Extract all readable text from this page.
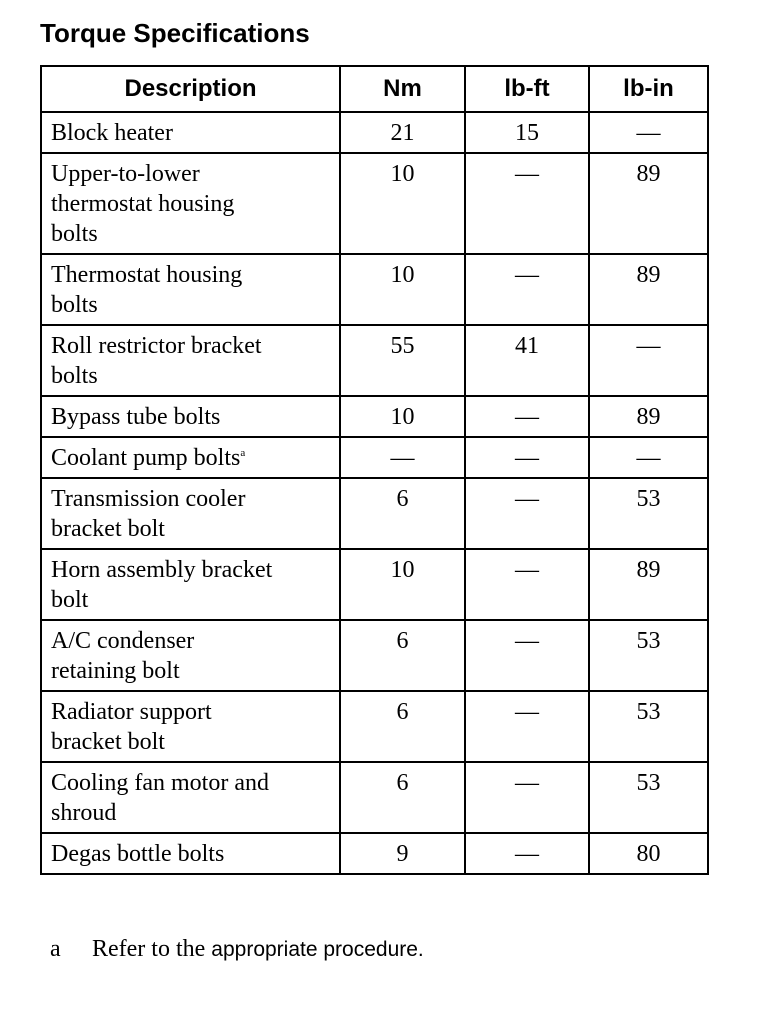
Torque Specifications
Description	Nm	lb-ft	lb-in
Block heater	21	15	—
Upper-to-lower
thermostat housing
bolts	10	—	89
Thermostat housing
bolts	10	—	89
Roll restrictor bracket
bolts	55	41	—
Bypass tube bolts	10	—	89
Coolant pump bolts$^a$	—	—	—
Transmission cooler
bracket bolt	6	—	53
Horn assembly bracket
bolt	10	—	89
A/C condenser
retaining bolt	6	—	53
Radiator support
bracket bolt	6	—	53
Cooling fan motor and
shroud	6	—	53
Degas bottle bolts	9	—	80
a Refer to the appropriate procedure.
